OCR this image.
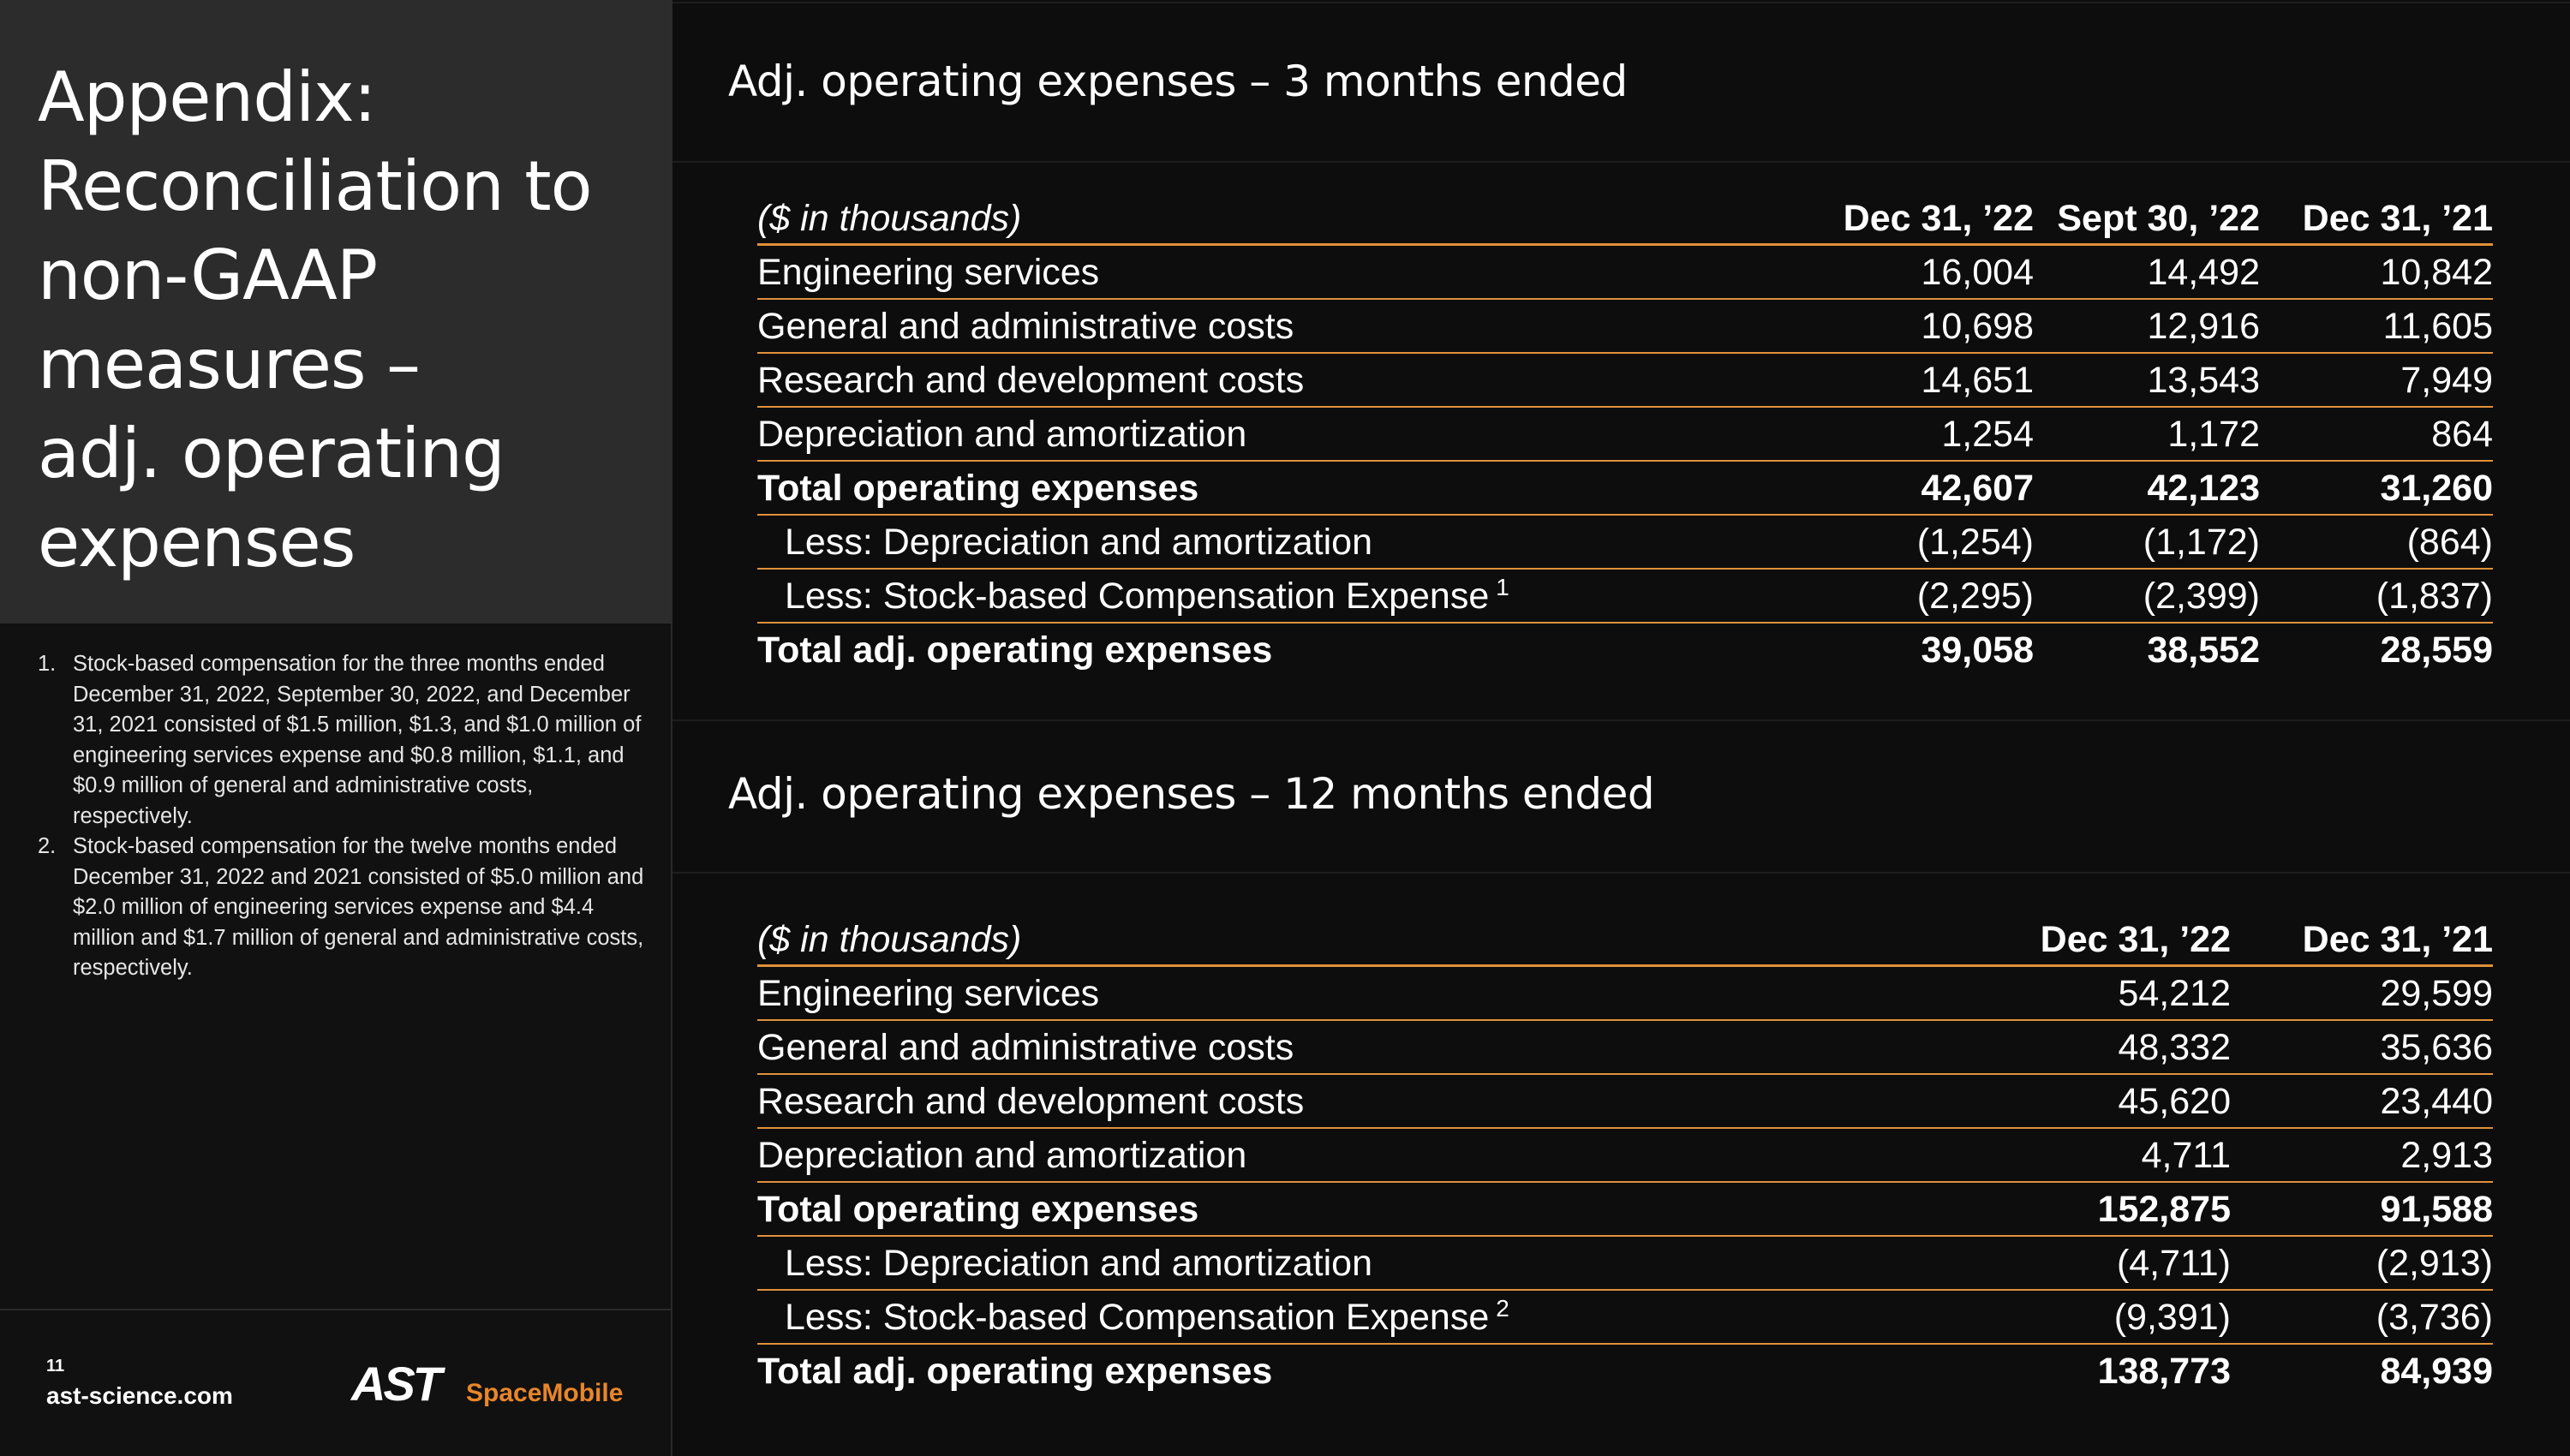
Appendix:
Reconciliation to
non-GAAP
measures –
adj. operating
expenses
1. Stock-based compensation for the three months ended December 31, 2022, September 30, 2022, and December 31, 2021 consisted of $1.5 million, $1.3, and $1.0 million of engineering services expense and $0.8 million, $1.1, and $0.9 million of general and administrative costs, respectively.
2. Stock-based compensation for the twelve months ended December 31, 2022 and 2021 consisted of $5.0 million and $2.0 million of engineering services expense and $4.4 million and $1.7 million of general and administrative costs, respectively.
11
ast-science.com AST SpaceMobile
Adj. operating expenses – 3 months ended
($ in thousands)	Dec 31, ’22 Sept 30, ’22 Dec 31, ’21
Engineering services	16,004	14,492	10,842
General and administrative costs	10,698	12,916	11,605
Research and development costs	14,651	13,543	7,949
Depreciation and amortization	1,254	1,172	864
Total operating expenses	42,607	42,123	31,260
Less: Depreciation and amortization	(1,254)	(1,172)	(864)
Less: Stock-based Compensation Expense $^1$	(2,295)	(2,399)	(1,837)
Total adj. operating expenses	39,058	38,552	28,559
Adj. operating expenses – 12 months ended
($ in thousands)	Dec 31, ’22 Dec 31, ’21
Engineering services	54,212	29,599
General and administrative costs	48,332	35,636
Research and development costs	45,620	23,440
Depreciation and amortization	4,711	2,913
Total operating expenses	152,875	91,588
Less: Depreciation and amortization	(4,711)	(2,913)
Less: Stock-based Compensation Expense $^2$	(9,391)	(3,736)
Total adj. operating expenses	138,773	84,939
